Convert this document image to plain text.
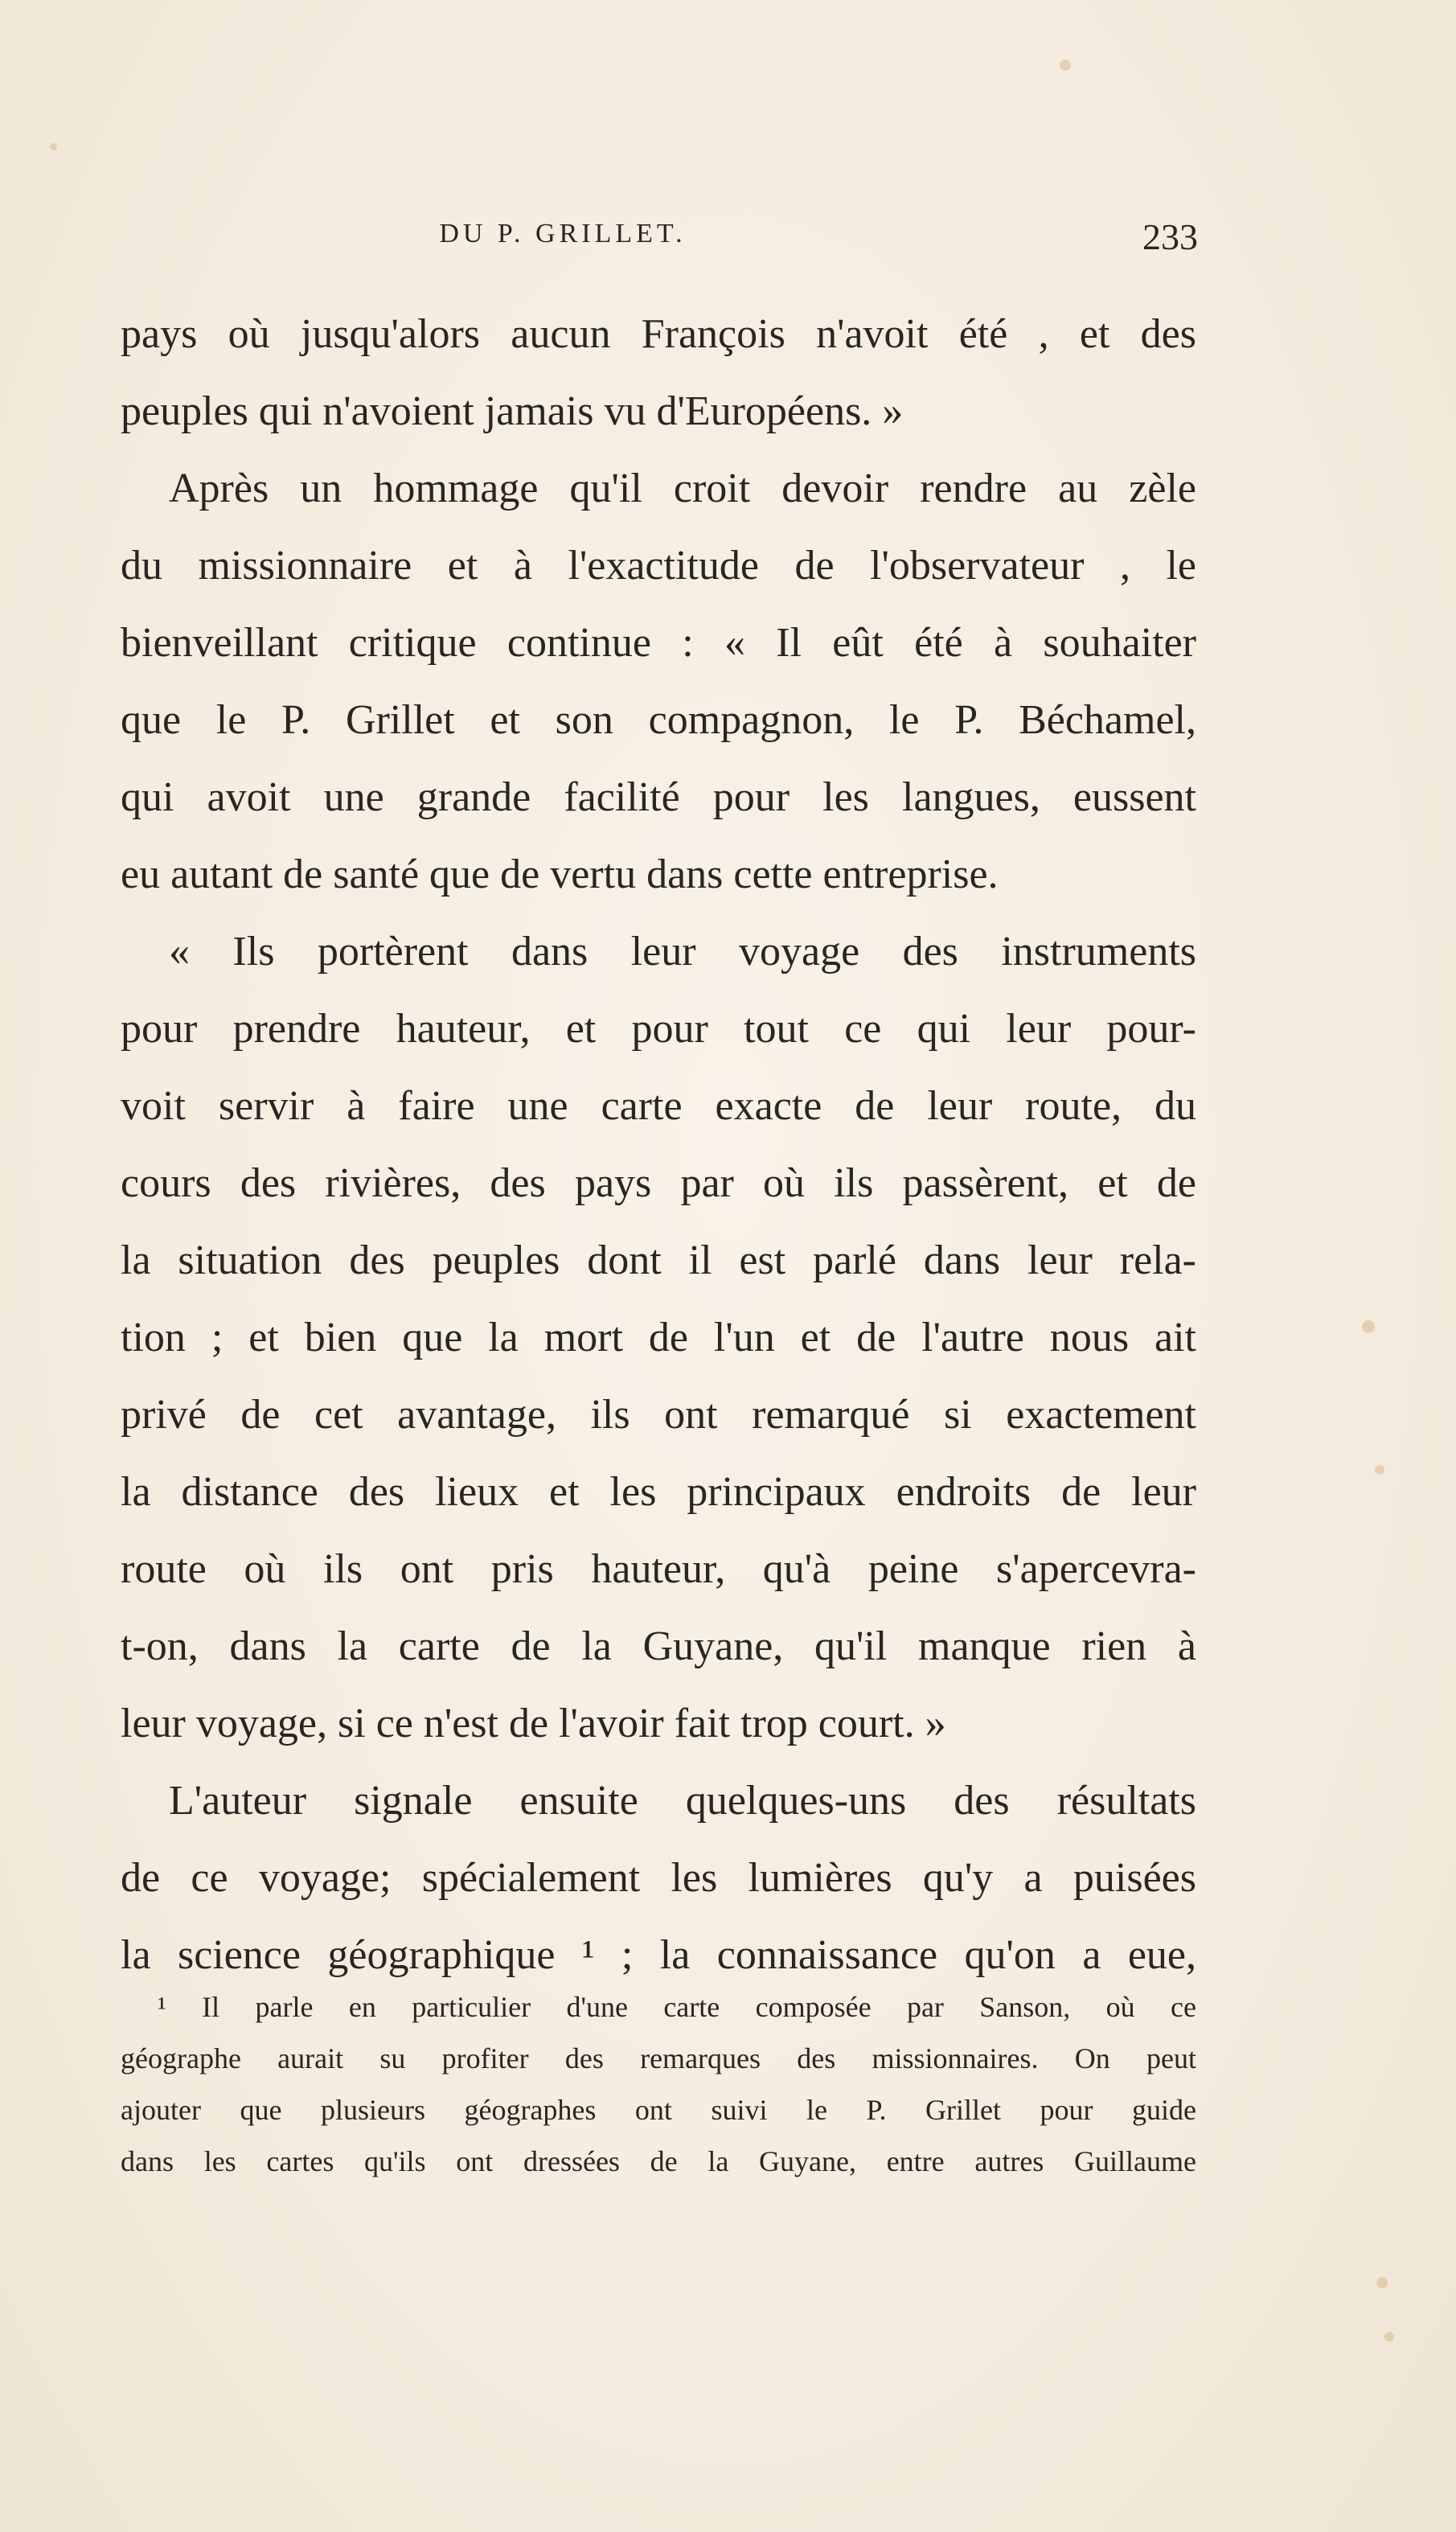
DU P. GRILLET.	233
pays où jusqu'alors aucun François n'avoit été , et des
peuples qui n'avoient jamais vu d'Européens. »
Après un hommage qu'il croit devoir rendre au zèle
du missionnaire et à l'exactitude de l'observateur , le
bienveillant critique continue : « Il eût été à souhaiter
que le P. Grillet et son compagnon, le P. Béchamel,
qui avoit une grande facilité pour les langues, eussent
eu autant de santé que de vertu dans cette entreprise.
« Ils portèrent dans leur voyage des instruments
pour prendre hauteur, et pour tout ce qui leur pour-
voit servir à faire une carte exacte de leur route, du
cours des rivières, des pays par où ils passèrent, et de
la situation des peuples dont il est parlé dans leur rela-
tion ; et bien que la mort de l'un et de l'autre nous ait
privé de cet avantage, ils ont remarqué si exactement
la distance des lieux et les principaux endroits de leur
route où ils ont pris hauteur, qu'à peine s'apercevra-
t-on, dans la carte de la Guyane, qu'il manque rien à
leur voyage, si ce n'est de l'avoir fait trop court. »
L'auteur signale ensuite quelques-uns des résultats
de ce voyage; spécialement les lumières qu'y a puisées
la science géographique ¹ ; la connaissance qu'on a eue,
¹ Il parle en particulier d'une carte composée par Sanson, où ce
géographe aurait su profiter des remarques des missionnaires. On peut
ajouter que plusieurs géographes ont suivi le P. Grillet pour guide
dans les cartes qu'ils ont dressées de la Guyane, entre autres Guillaume
